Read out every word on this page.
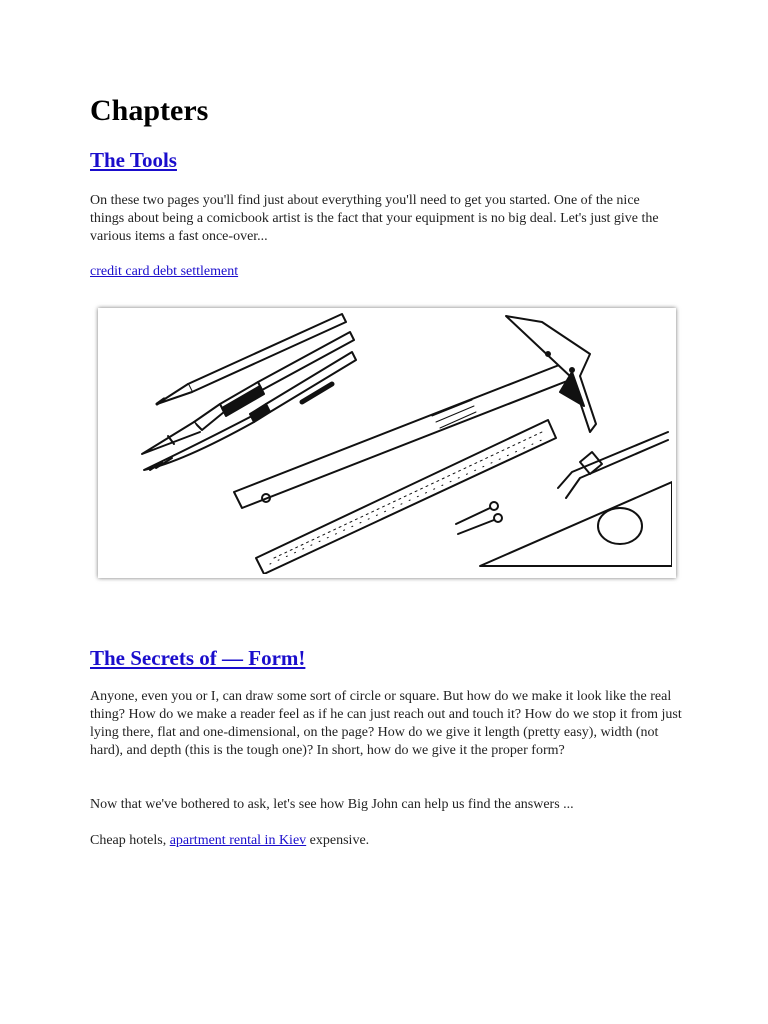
Chapters
The Tools

On these two pages you'll find just about everything you'll need to get you started. One of the nice things about being a comicbook artist is the fact that your equipment is no big deal. Let's just give the various items a fast once-over...

credit card debt settlement

The Secrets of — Form!

Anyone, even you or I, can draw some sort of circle or square. But how do we make it look like the real thing? How do we make a reader feel as if he can just reach out and touch it? How do we stop it from just lying there, flat and one-dimensional, on the page? How do we give it length (pretty easy), width (not hard), and depth (this is the tough one)? In short, how do we give it the proper form?

Now that we've bothered to ask, let's see how Big John can help us find the answers ...

Cheap hotels, apartment rental in Kiev expensive.
